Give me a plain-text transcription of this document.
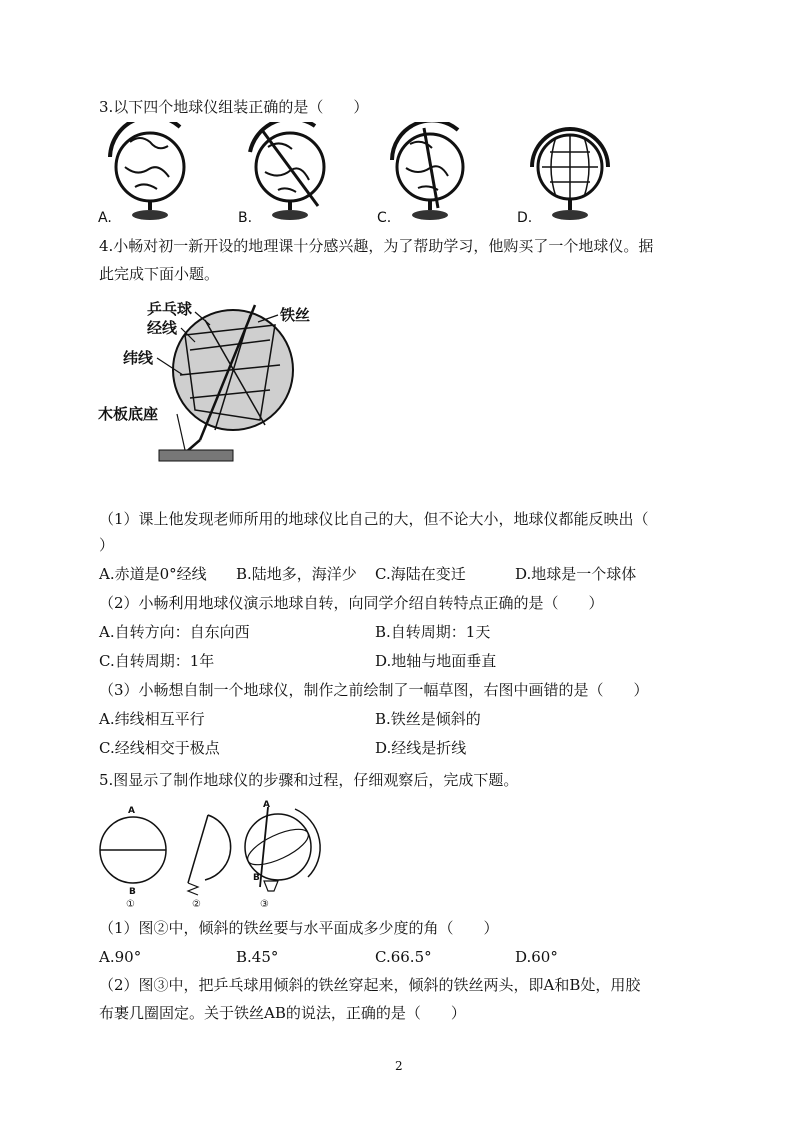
3.以下四个地球仪组装正确的是（　　）
A.	B.	C.	D.
4.小畅对初一新开设的地理课十分感兴趣，为了帮助学习，他购买了一个地球仪。据
此完成下面小题。
乒乓球
经线
纬线
铁丝
木板底座
（1）课上他发现老师所用的地球仪比自己的大，但不论大小，地球仪都能反映出（
）
A.赤道是0°经线 B.陆地多，海洋少 C.海陆在变迁	D.地球是一个球体
（2）小畅利用地球仪演示地球自转，向同学介绍自转特点正确的是（　　）
A.自转方向：自东向西	B.自转周期：1天
C.自转周期：1年	D.地轴与地面垂直
（3）小畅想自制一个地球仪，制作之前绘制了一幅草图，右图中画错的是（　　）
A.纬线相互平行	B.铁丝是倾斜的
C.经线相交于极点	D.经线是折线
5.图显示了制作地球仪的步骤和过程，仔细观察后，完成下题。
A
B
①	②
A
B
③
（1）图②中，倾斜的铁丝要与水平面成多少度的角（　　）
A.90°	B.45°	C.66.5°	D.60°
（2）图③中，把乒乓球用倾斜的铁丝穿起来，倾斜的铁丝两头，即A和B处，用胶
布裹几圈固定。关于铁丝AB的说法，正确的是（　　）
2
